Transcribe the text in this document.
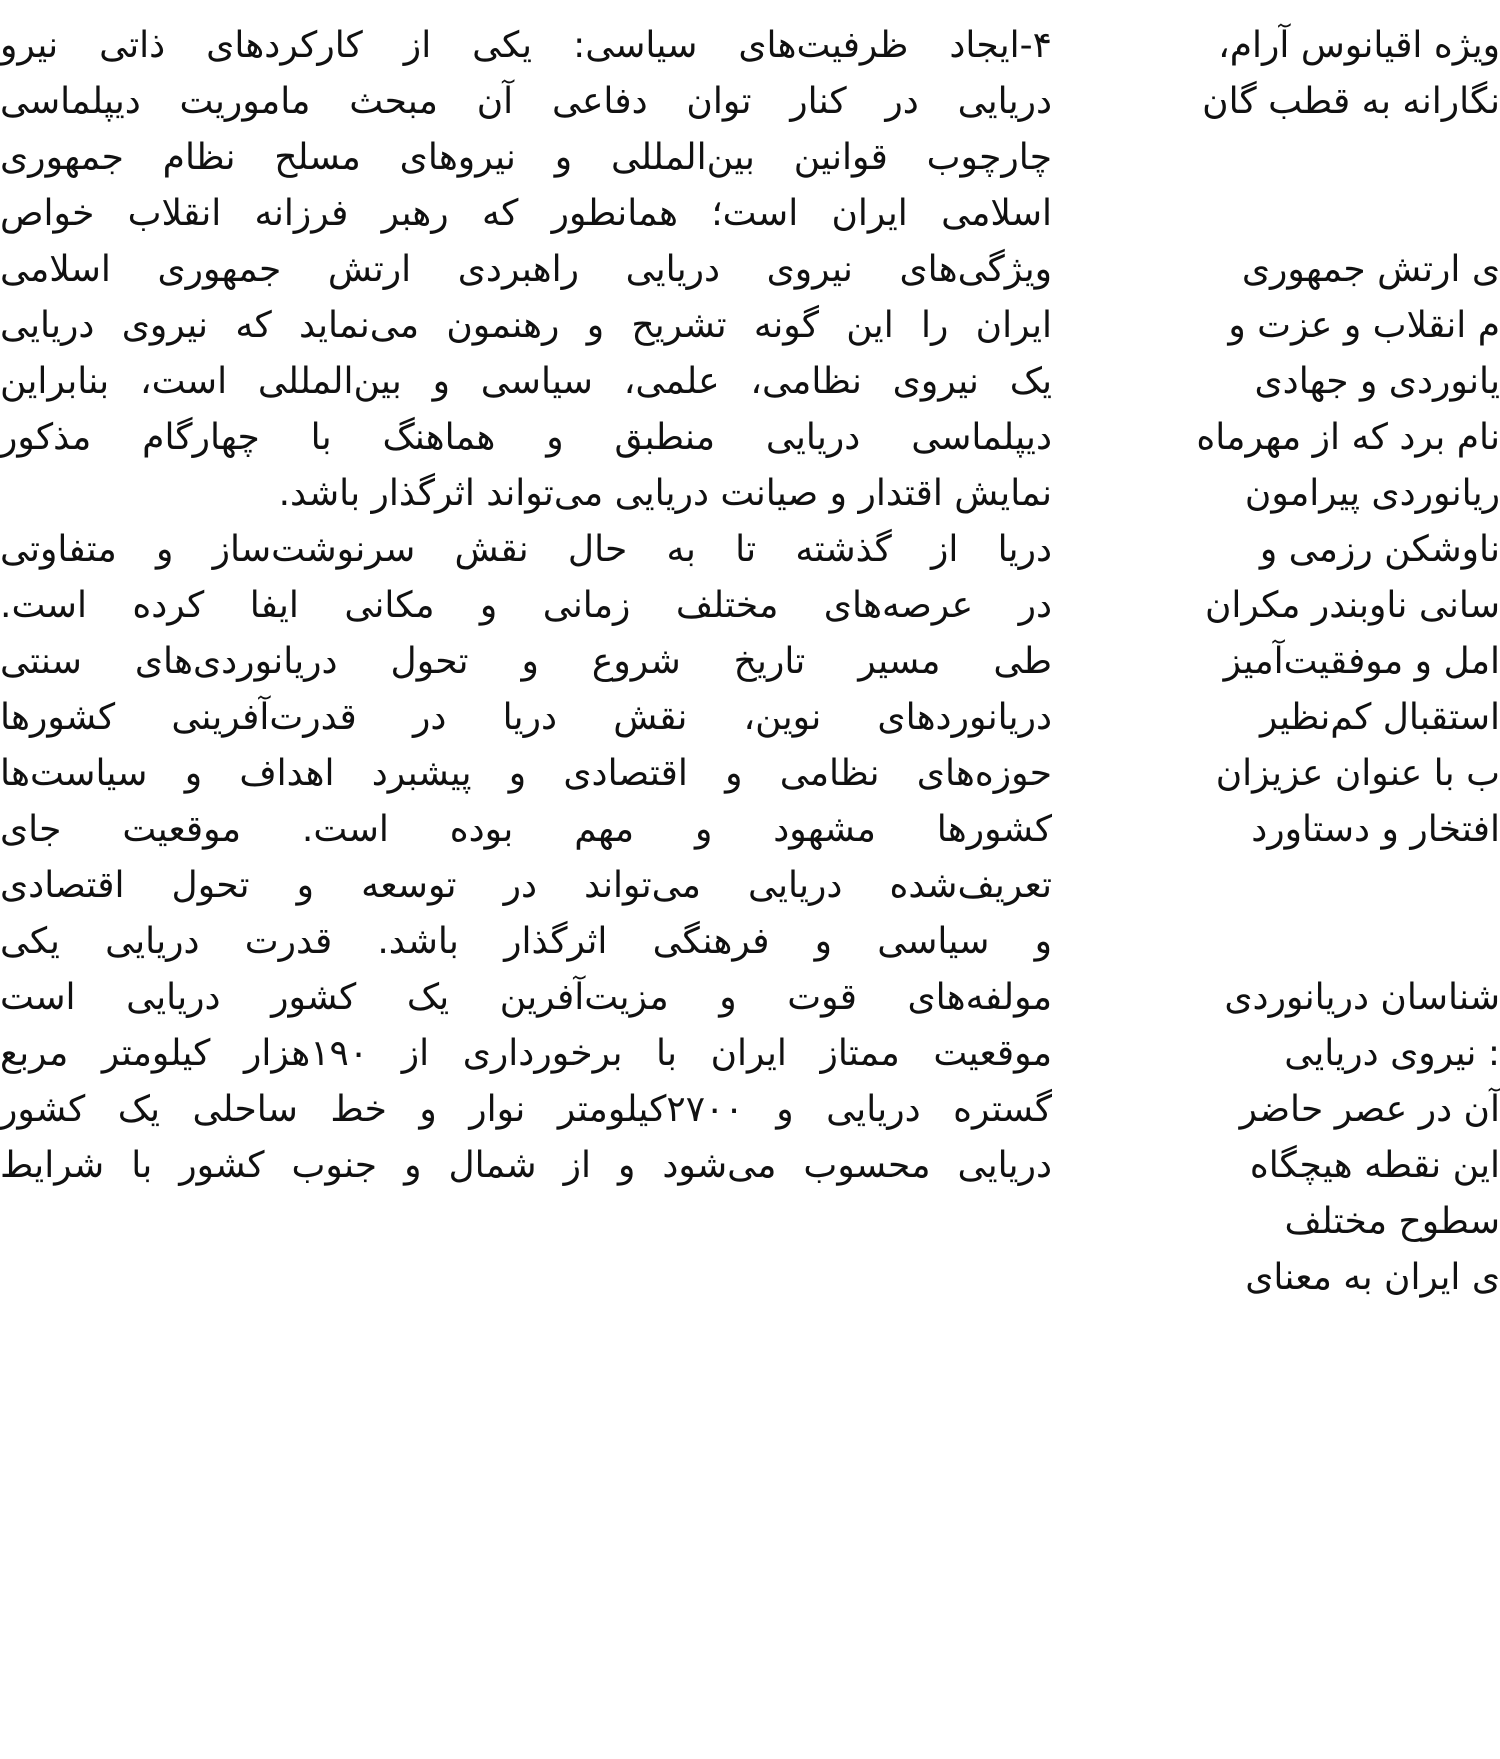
۴-ایجاد ظرفیت‌های سیاسی: یکی از کارکردهای ذاتی نیرو
دریایی در کنار توان دفاعی آن مبحث ماموریت دیپلماسی
چارچوب قوانین بین‌المللی و نیروهای مسلح نظام جمهوری
اسلامی ایران است؛ همانطور که رهبر فرزانه انقلاب خواص
ویژگی‌های نیروی دریایی راهبردی ارتش جمهوری اسلامی
ایران را این گونه تشریح و رهنمون می‌نماید که نیروی دریایی
یک نیروی نظامی، علمی، سیاسی و بین‌المللی است، بنابراین
دیپلماسی دریایی منطبق و هماهنگ با چهارگام مذکور
نمایش اقتدار و صیانت دریایی می‌تواند اثرگذار باشد.
دریا از گذشته تا به حال نقش سرنوشت‌ساز و متفاوتی
در عرصه‌های مختلف زمانی و مکانی ایفا کرده است.
طی مسیر تاریخ شروع و تحول دریانوردی‌های سنتی
دریانوردهای نوین، نقش دریا در قدرت‌آفرینی کشورها
حوزه‌های نظامی و اقتصادی و پیشبرد اهداف و سیاست‌ها
کشورها مشهود و مهم بوده است. موقعیت جای
تعریف‌شده دریایی می‌تواند در توسعه و تحول اقتصادی
و سیاسی و فرهنگی اثرگذار باشد. قدرت دریایی یکی
مولفه‌های قوت و مزیت‌آفرین یک کشور دریایی است
موقعیت ممتاز ایران با برخورداری از ۱۹۰هزار کیلومتر مربع
گستره دریایی و ۲۷۰۰کیلومتر نوار و خط ساحلی یک کشور
دریایی محسوب می‌شود و از شمال و جنوب کشور با شرایط
ویژه اقیانوس آرام،
نگارانه به قطب گان
ی ارتش جمهوری
م انقلاب و عزت و
یانوردی و جهادی
نام برد که از مهرماه
ریانوردی پیرامون
ناوشکن رزمی و
سانی ناوبندر مکران
امل و موفقیت‌آمیز
استقبال کم‌نظیر
ب با عنوان عزیزان
افتخار و دستاورد
شناسان دریانوردی
: نیروی دریایی
آن در عصر حاضر
این نقطه هیچگاه
سطوح مختلف
ی ایران به معنای
